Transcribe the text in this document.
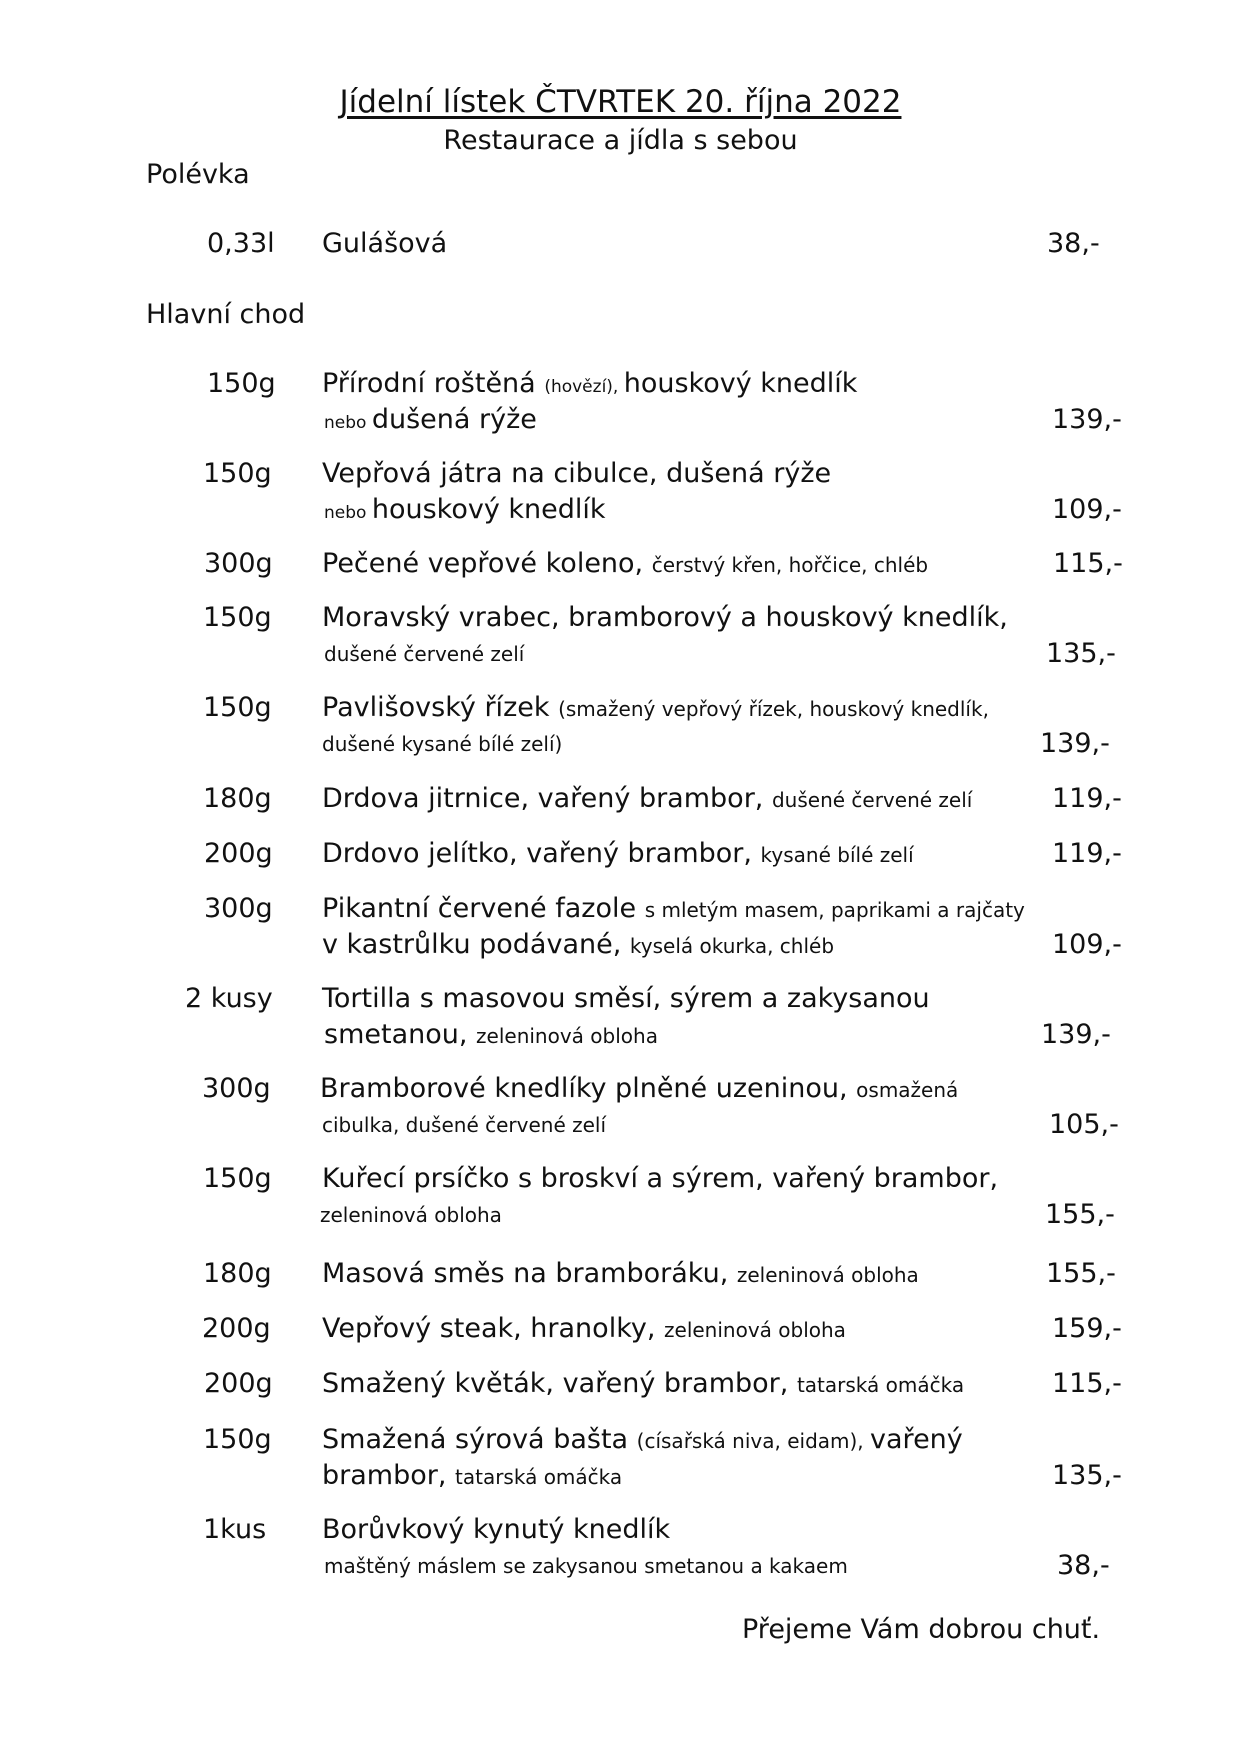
Jídelní lístek ČTVRTEK 20. října 2022
Restaurace a jídla s sebou
Polévka
0,33l Gulášová	38,-
Hlavní chod
150g Přírodní roštěná (hovězí), houskový knedlík
nebo dušená rýže	139,-
150g Vepřová játra na cibulce, dušená rýže
nebo houskový knedlík	109,-
300g Pečené vepřové koleno, čerstvý křen, hořčice, chléb	115,-
150g Moravský vrabec, bramborový a houskový knedlík,
dušené červené zelí	135,-
150g Pavlišovský řízek (smažený vepřový řízek, houskový knedlík,
dušené kysané bílé zelí)	139,-
180g Drdova jitrnice, vařený brambor, dušené červené zelí	119,-
200g Drdovo jelítko, vařený brambor, kysané bílé zelí	119,-
300g Pikantní červené fazole s mletým masem, paprikami a rajčaty
v kastrůlku podávané, kyselá okurka, chléb	109,-
2 kusy Tortilla s masovou směsí, sýrem a zakysanou
smetanou, zeleninová obloha	139,-
300g Bramborové knedlíky plněné uzeninou, osmažená
cibulka, dušené červené zelí	105,-
150g Kuřecí prsíčko s broskví a sýrem, vařený brambor,
zeleninová obloha	155,-
180g Masová směs na bramboráku, zeleninová obloha	155,-
200g Vepřový steak, hranolky, zeleninová obloha	159,-
200g Smažený květák, vařený brambor, tatarská omáčka	115,-
150g Smažená sýrová bašta (císařská niva, eidam), vařený
brambor, tatarská omáčka	135,-
1kus Borůvkový kynutý knedlík
maštěný máslem se zakysanou smetanou a kakaem	38,-
Přejeme Vám dobrou chuť.
